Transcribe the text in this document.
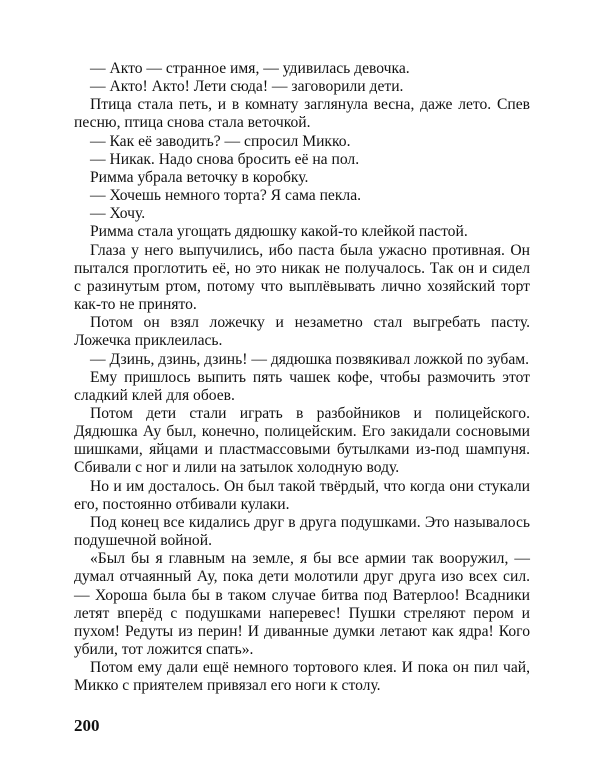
— Акто — странное имя, — удивилась девочка.

— Акто! Акто! Лети сюда! — заговорили дети.

Птица стала петь, и в комнату заглянула весна, даже лето. Спев песню, птица снова стала веточкой.

— Как её заводить? — спросил Микко.

— Никак. Надо снова бросить её на пол.

Римма убрала веточку в коробку.

— Хочешь немного торта? Я сама пекла.

— Хочу.

Римма стала угощать дядюшку какой-то клейкой пастой.

Глаза у него выпучились, ибо паста была ужасно противная. Он пытался проглотить её, но это никак не получалось. Так он и сидел с разинутым ртом, потому что выплёвывать лично хозяйский торт как-то не принято.

Потом он взял ложечку и незаметно стал выгребать пасту. Ложечка приклеилась.

— Дзинь, дзинь, дзинь! — дядюшка позвякивал ложкой по зубам.

Ему пришлось выпить пять чашек кофе, чтобы размочить этот сладкий клей для обоев.

Потом дети стали играть в разбойников и полицейского. Дядюшка Ау был, конечно, полицейским. Его закидали сосновыми шишками, яйцами и пластмассовыми бутылками из-под шампуня. Сбивали с ног и лили на затылок холодную воду.

Но и им досталось. Он был такой твёрдый, что когда они стукали его, постоянно отбивали кулаки.

Под конец все кидались друг в друга подушками. Это называлось подушечной войной.

«Был бы я главным на земле, я бы все армии так вооружил, — думал отчаянный Ау, пока дети молотили друг друга изо всех сил. — Хороша была бы в таком случае битва под Ватерлоо! Всадники летят вперёд с подушками наперевес! Пушки стреляют пером и пухом! Редуты из перин! И диванные думки летают как ядра! Кого убили, тот ложится спать».

Потом ему дали ещё немного тортового клея. И пока он пил чай, Микко с приятелем привязал его ноги к столу.

200
